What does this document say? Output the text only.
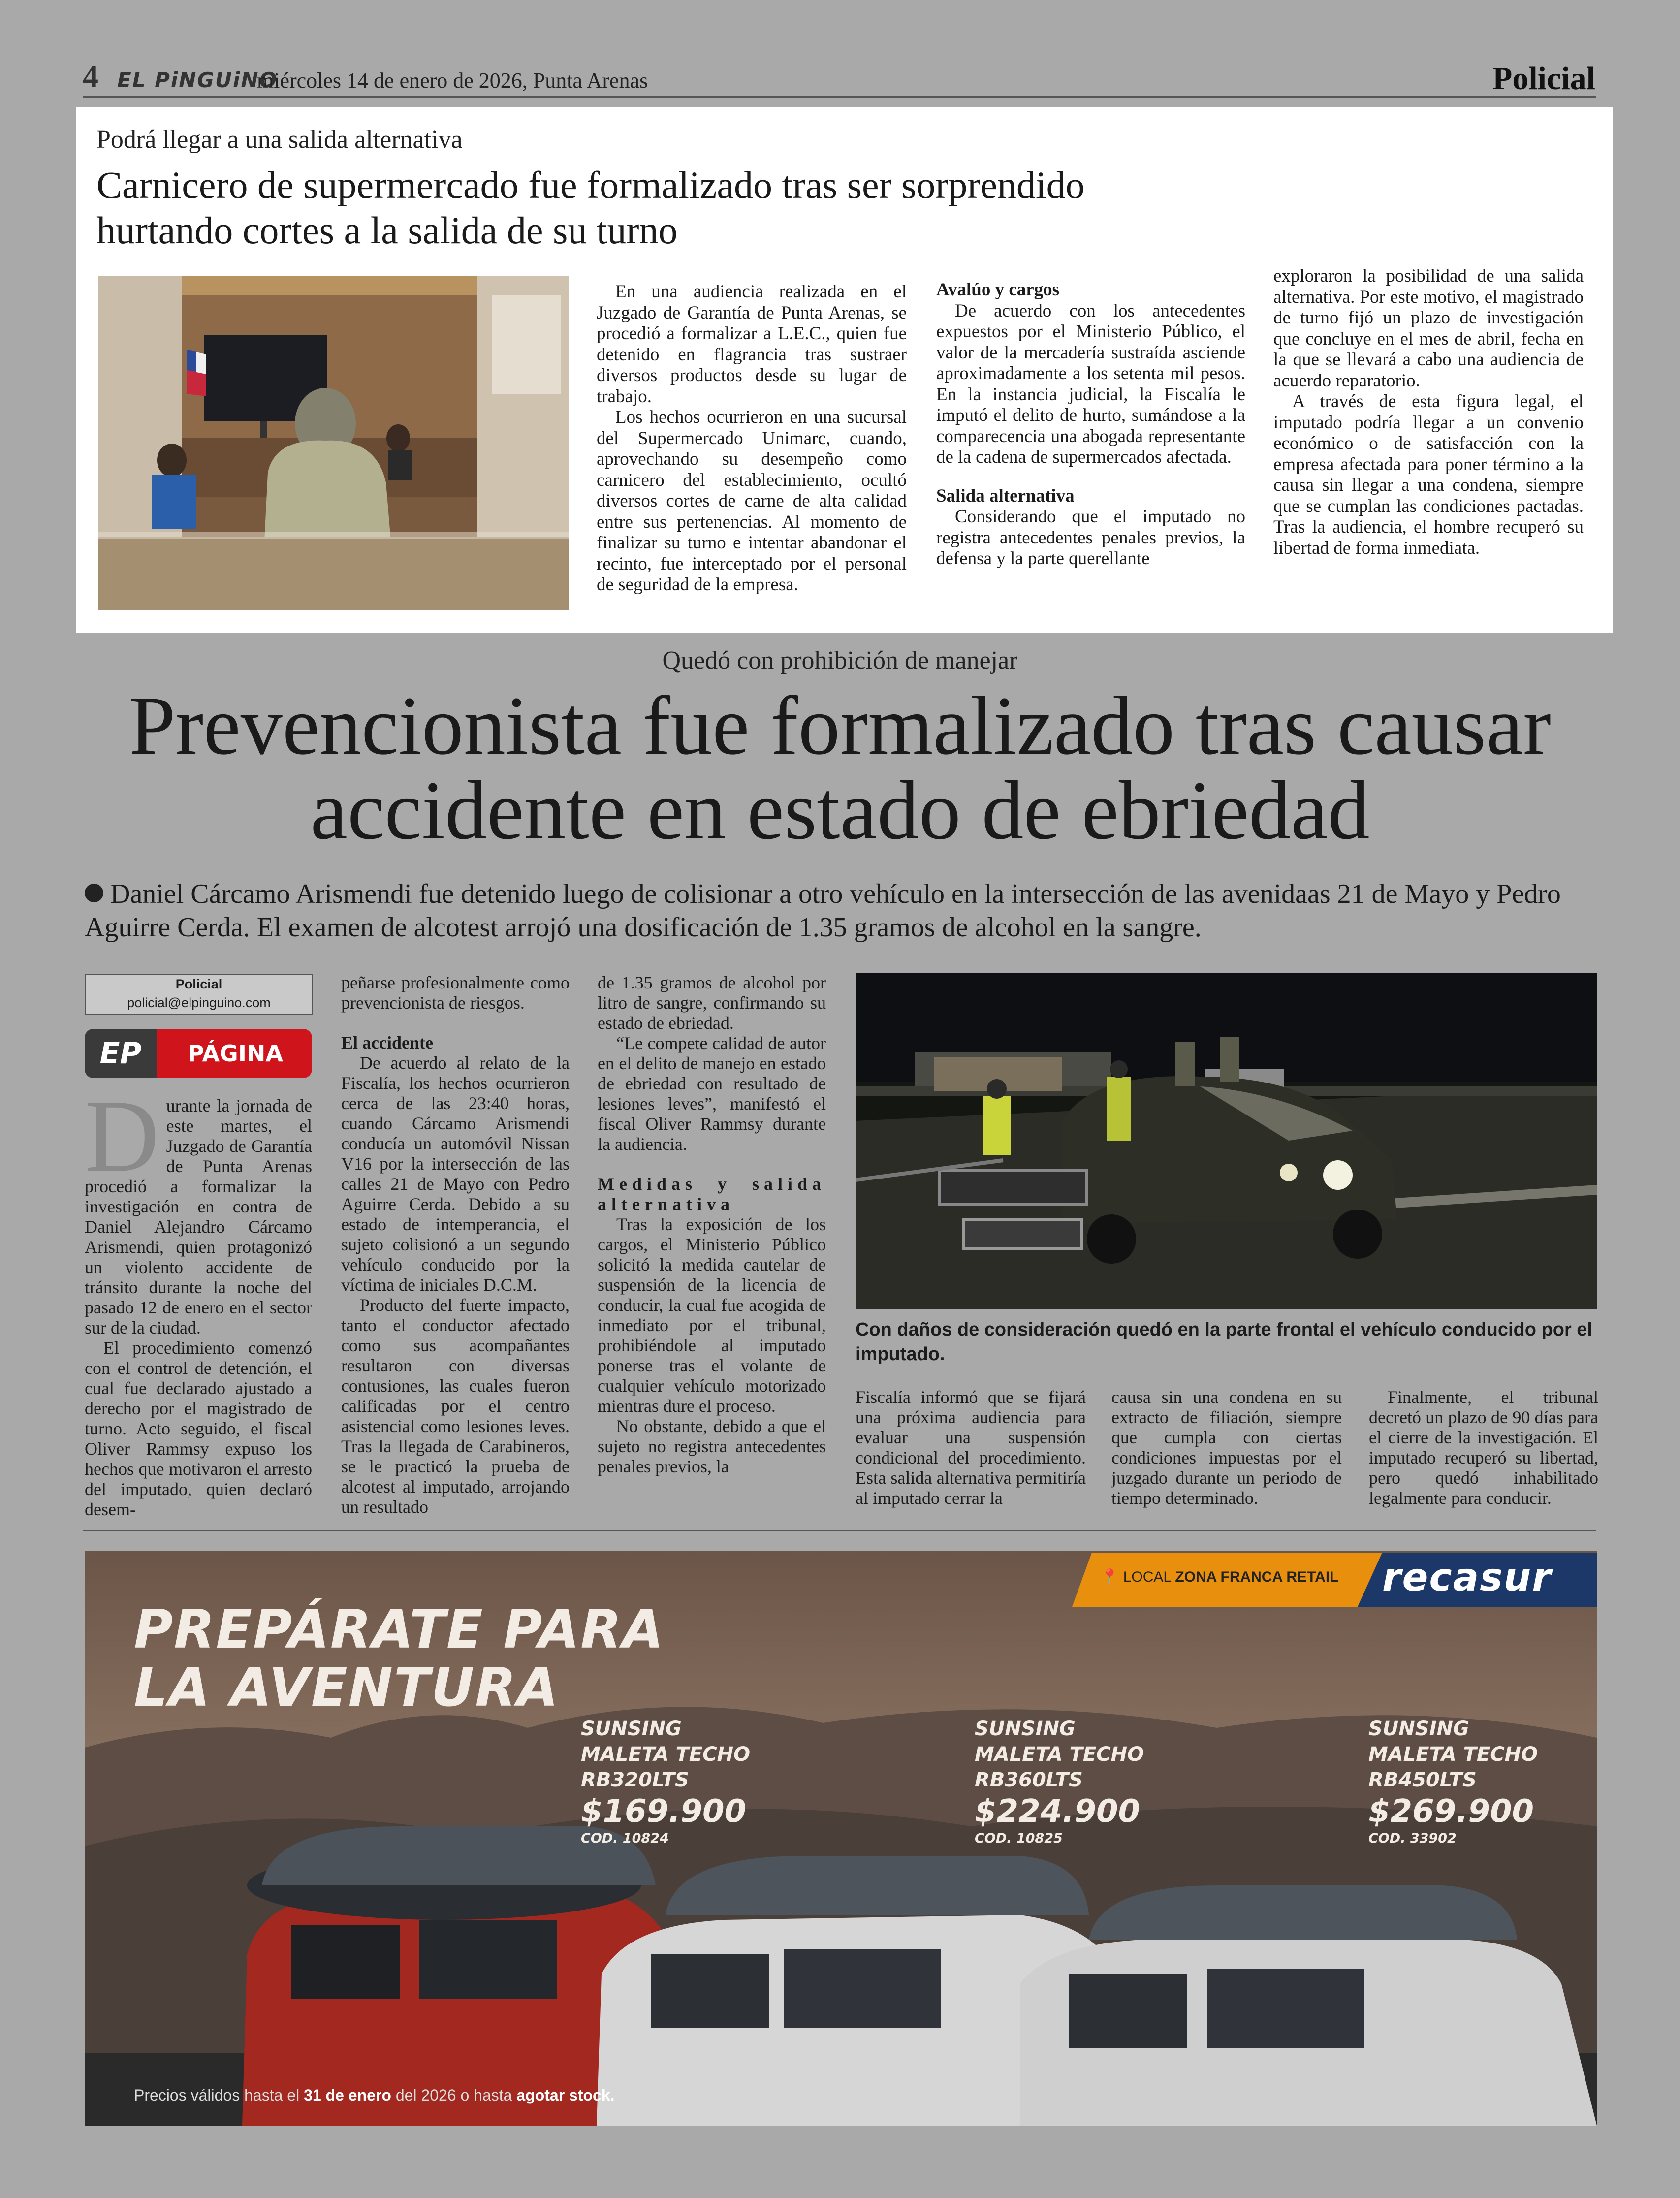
4 EL PiNGUiNO
miércoles 14 de enero de 2026, Punta Arenas	Policial
Podrá llegar a una salida alternativa
Carnicero de supermercado fue formalizado tras ser sorprendido hurtando cortes a la salida de su turno

En una audiencia realizada en el Juzgado de Garantía de Punta Arenas, se procedió a formalizar a L.E.C., quien fue detenido en flagrancia tras sustraer diversos productos desde su lugar de trabajo.

Los hechos ocurrieron en una sucursal del Supermercado Unimarc, cuando, aprovechando su desempeño como carnicero del establecimiento, ocultó diversos cortes de carne de alta calidad entre sus pertenencias. Al momento de finalizar su turno e intentar abandonar el recinto, fue interceptado por el personal de seguridad de la empresa.

Avalúo y cargos

De acuerdo con los antecedentes expuestos por el Ministerio Público, el valor de la mercadería sustraída asciende aproximadamente a los setenta mil pesos. En la instancia judicial, la Fiscalía le imputó el delito de hurto, sumándose a la comparecencia una abogada representante de la cadena de supermercados afectada.

Salida alternativa

Considerando que el imputado no registra antecedentes penales previos, la defensa y la parte querellante

exploraron la posibilidad de una salida alternativa. Por este motivo, el magistrado de turno fijó un plazo de investigación que concluye en el mes de abril, fecha en la que se llevará a cabo una audiencia de acuerdo reparatorio.

A través de esta figura legal, el imputado podría llegar a un convenio económico o de satisfacción con la empresa afectada para poner término a la causa sin llegar a una condena, siempre que se cumplan las condiciones pactadas. Tras la audiencia, el hombre recuperó su libertad de forma inmediata.

Quedó con prohibición de manejar
Prevencionista fue formalizado tras causar accidente en estado de ebriedad
Daniel Cárcamo Arismendi fue detenido luego de colisionar a otro vehículo en la intersección de las avenidaas 21 de Mayo y Pedro Aguirre Cerda. El examen de alcotest arrojó una dosificación de 1.35 gramos de alcohol en la sangre.
Policial
policial@elpinguino.com
EP	PÁGINA

Durante la jornada de este martes, el Juzgado de Garantía de Punta Arenas procedió a formalizar la investigación en contra de Daniel Alejandro Cárcamo Arismendi, quien protagonizó un violento accidente de tránsito durante la noche del pasado 12 de enero en el sector sur de la ciudad.

El procedimiento comenzó con el control de detención, el cual fue declarado ajustado a derecho por el magistrado de turno. Acto seguido, el fiscal Oliver Rammsy expuso los hechos que motivaron el arresto del imputado, quien declaró desem-

peñarse profesionalmente como prevencionista de riesgos.

El accidente

De acuerdo al relato de la Fiscalía, los hechos ocurrieron cerca de las 23:40 horas, cuando Cárcamo Arismendi conducía un automóvil Nissan V16 por la intersección de las calles 21 de Mayo con Pedro Aguirre Cerda. Debido a su estado de intemperancia, el sujeto colisionó a un segundo vehículo conducido por la víctima de iniciales D.C.M.

Producto del fuerte impacto, tanto el conductor afectado como sus acompañantes resultaron con diversas contusiones, las cuales fueron calificadas por el centro asistencial como lesiones leves. Tras la llegada de Carabineros, se le practicó la prueba de alcotest al imputado, arrojando un resultado

de 1.35 gramos de alcohol por litro de sangre, confirmando su estado de ebriedad.

“Le compete calidad de autor en el delito de manejo en estado de ebriedad con resultado de lesiones leves”, manifestó el fiscal Oliver Rammsy durante la audiencia.

Medidas y salida alternativa

Tras la exposición de los cargos, el Ministerio Público solicitó la medida cautelar de suspensión de la licencia de conducir, la cual fue acogida de inmediato por el tribunal, prohibiéndole al imputado ponerse tras el volante de cualquier vehículo motorizado mientras dure el proceso.

No obstante, debido a que el sujeto no registra antecedentes penales previos, la

Con daños de consideración quedó en la parte frontal el vehículo conducido por el imputado.

Fiscalía informó que se fijará una próxima audiencia para evaluar una suspensión condicional del procedimiento. Esta salida alternativa permitiría al imputado cerrar la

causa sin una condena en su extracto de filiación, siempre que cumpla con ciertas condiciones impuestas por el juzgado durante un periodo de tiempo determinado.

Finalmente, el tribunal decretó un plazo de 90 días para el cierre de la investigación. El imputado recuperó su libertad, pero quedó inhabilitado legalmente para conducir.

📍 LOCAL ZONA FRANCA RETAIL recasur
PREPÁRATE PARA
LA AVENTURA
SUNSING
MALETA TECHO
RB320LTS
$169.900
COD. 10824
SUNSING
MALETA TECHO
RB360LTS
$224.900
COD. 10825
SUNSING
MALETA TECHO
RB450LTS
$269.900
COD. 33902
Precios válidos hasta el 31 de enero del 2026 o hasta agotar stock.
